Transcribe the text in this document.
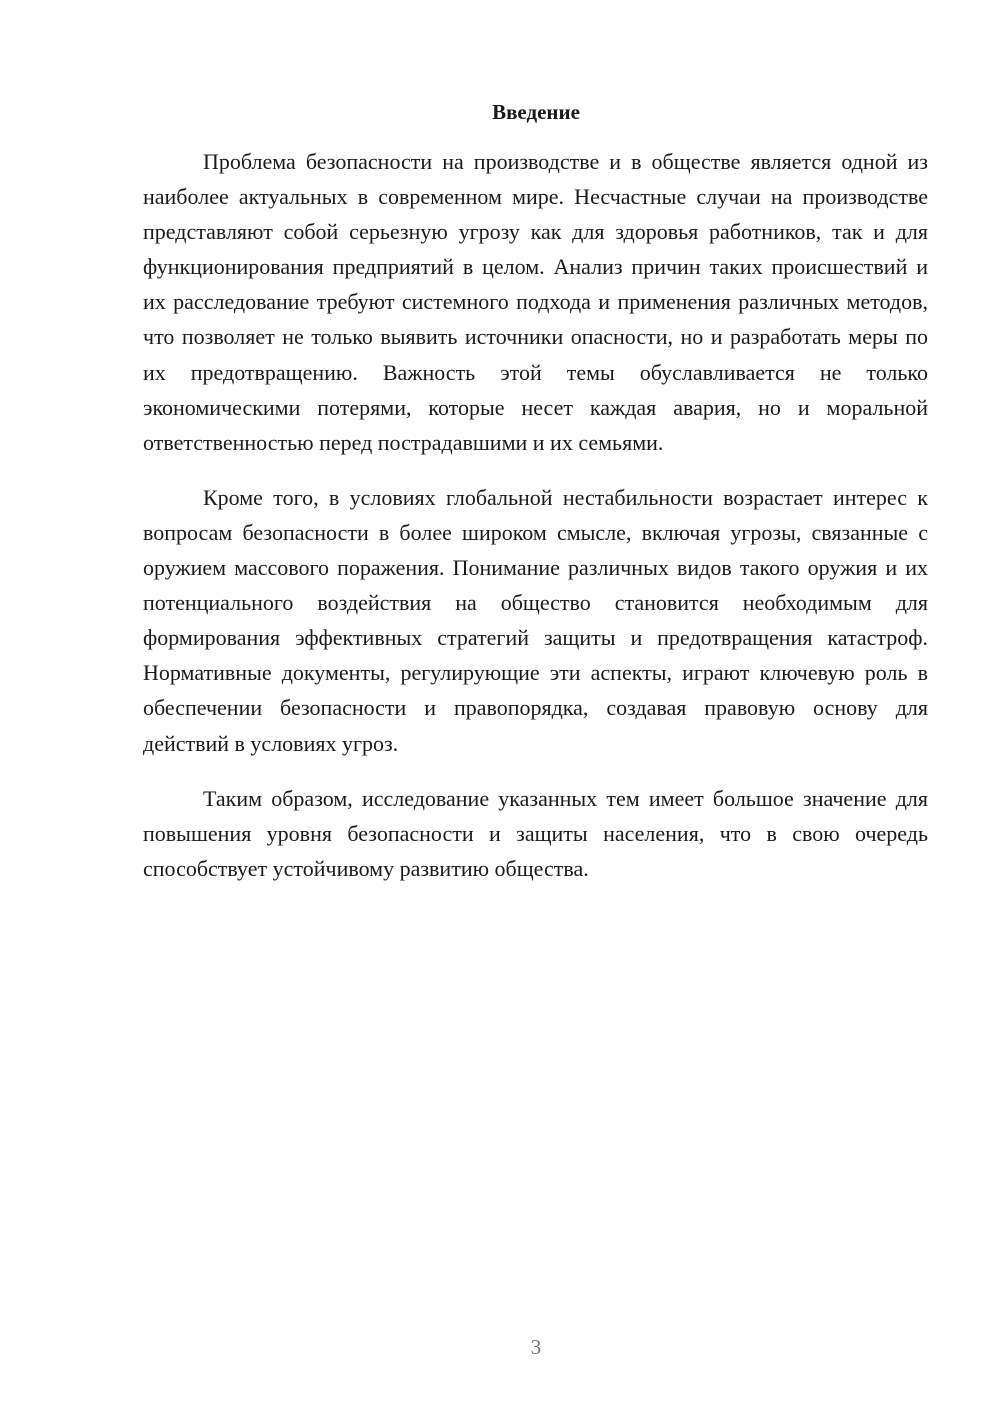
Введение

Проблема безопасности на производстве и в обществе является одной из наиболее актуальных в современном мире. Несчастные случаи на производстве представляют собой серьезную угрозу как для здоровья работников, так и для функционирования предприятий в целом. Анализ причин таких происшествий и их расследование требуют системного подхода и применения различных методов, что позволяет не только выявить источники опасности, но и разработать меры по их предотвращению. Важность этой темы обуславливается не только экономическими потерями, которые несет каждая авария, но и моральной ответственностью перед пострадавшими и их семьями.

Кроме того, в условиях глобальной нестабильности возрастает интерес к вопросам безопасности в более широком смысле, включая угрозы, связанные с оружием массового поражения. Понимание различных видов такого оружия и их потенциального воздействия на общество становится необходимым для формирования эффективных стратегий защиты и предотвращения катастроф. Нормативные документы, регулирующие эти аспекты, играют ключевую роль в обеспечении безопасности и правопорядка, создавая правовую основу для действий в условиях угроз.

Таким образом, исследование указанных тем имеет большое значение для повышения уровня безопасности и защиты населения, что в свою очередь способствует устойчивому развитию общества.

3
